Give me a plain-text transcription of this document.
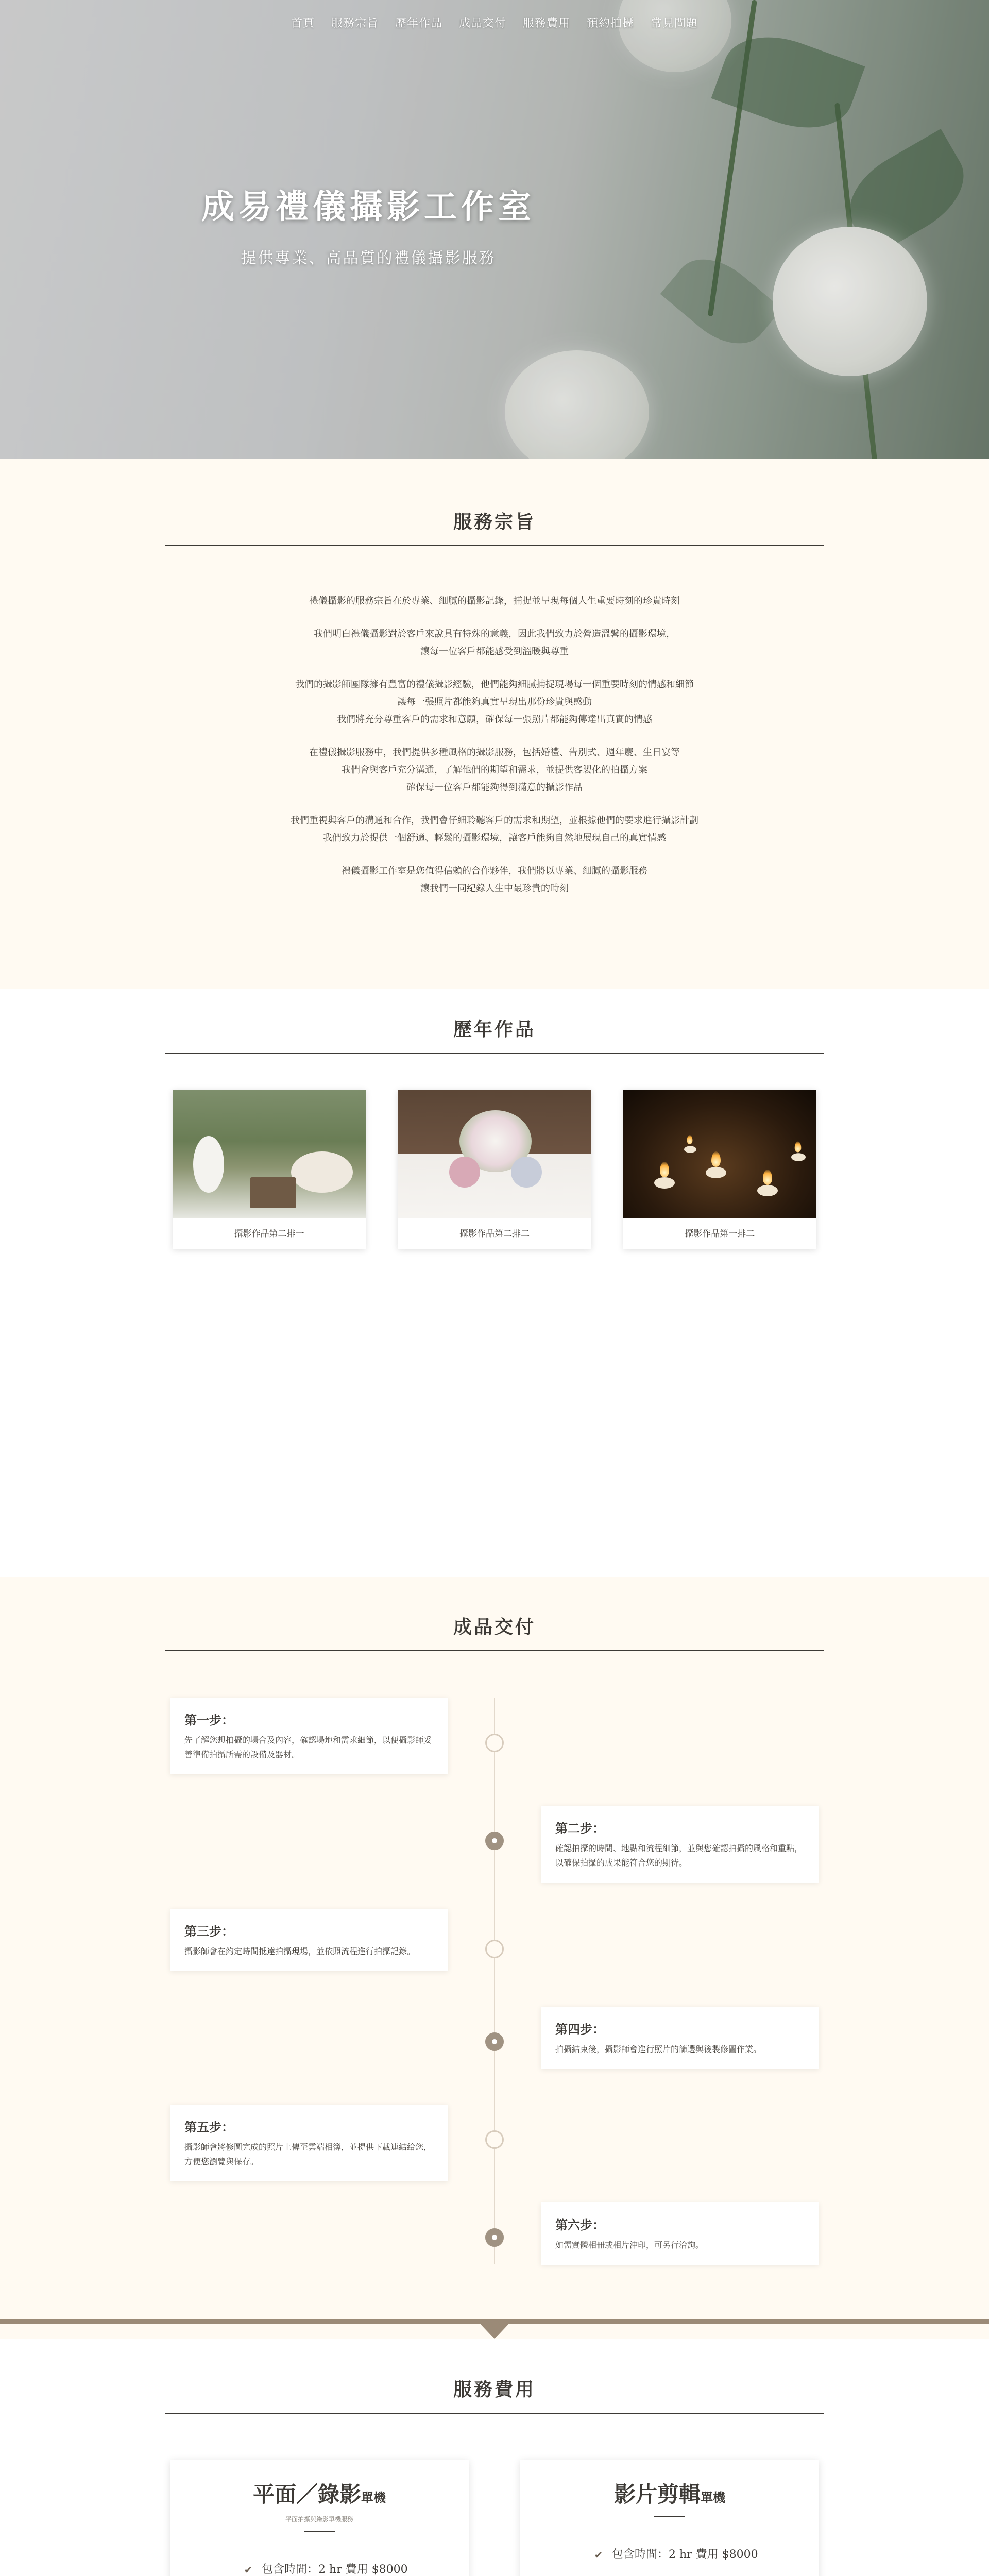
首頁 服務宗旨 歷年作品 成品交付 服務費用 預約拍攝 常見問題
成易禮儀攝影工作室

提供專業、高品質的禮儀攝影服務

服務宗旨

禮儀攝影的服務宗旨在於專業、細膩的攝影記錄，捕捉並呈現每個人生重要時刻的珍貴時刻

我們明白禮儀攝影對於客戶來說具有特殊的意義，因此我們致力於營造溫馨的攝影環境，
讓每一位客戶都能感受到溫暖與尊重

我們的攝影師團隊擁有豐富的禮儀攝影經驗，他們能夠細膩捕捉現場每一個重要時刻的情感和細節
讓每一張照片都能夠真實呈現出那份珍貴與感動
我們將充分尊重客戶的需求和意願，確保每一張照片都能夠傳達出真實的情感

在禮儀攝影服務中，我們提供多種風格的攝影服務，包括婚禮、告別式、週年慶、生日宴等
我們會與客戶充分溝通，了解他們的期望和需求，並提供客製化的拍攝方案
確保每一位客戶都能夠得到滿意的攝影作品

我們重視與客戶的溝通和合作，我們會仔細聆聽客戶的需求和期望，並根據他們的要求進行攝影計劃
我們致力於提供一個舒適、輕鬆的攝影環境，讓客戶能夠自然地展現自己的真實情感

禮儀攝影工作室是您值得信賴的合作夥伴，我們將以專業、細膩的攝影服務
讓我們一同紀錄人生中最珍貴的時刻

歷年作品
攝影作品第二排一	攝影作品第二排二	攝影作品第一排二
成品交付
第一步：

先了解您想拍攝的場合及內容，確認場地和需求細節，以便攝影師妥善準備拍攝所需的設備及器材。

第二步：

確認拍攝的時間、地點和流程細節，並與您確認拍攝的風格和重點，以確保拍攝的成果能符合您的期待。

第三步：

攝影師會在約定時間抵達拍攝現場，並依照流程進行拍攝記錄。

第四步：

拍攝結束後，攝影師會進行照片的篩選與後製修圖作業。

第五步：

攝影師會將修圖完成的照片上傳至雲端相簿，並提供下載連結給您，方便您瀏覽與保存。

第六步：

如需實體相冊或相片沖印，可另行洽詢。

服務費用
平面／錄影單機
平面拍攝與錄影單機服務
✔ 包含時間：2 hr 費用 $8000
影片剪輯單機
✔ 包含時間：2 hr 費用 $8000
